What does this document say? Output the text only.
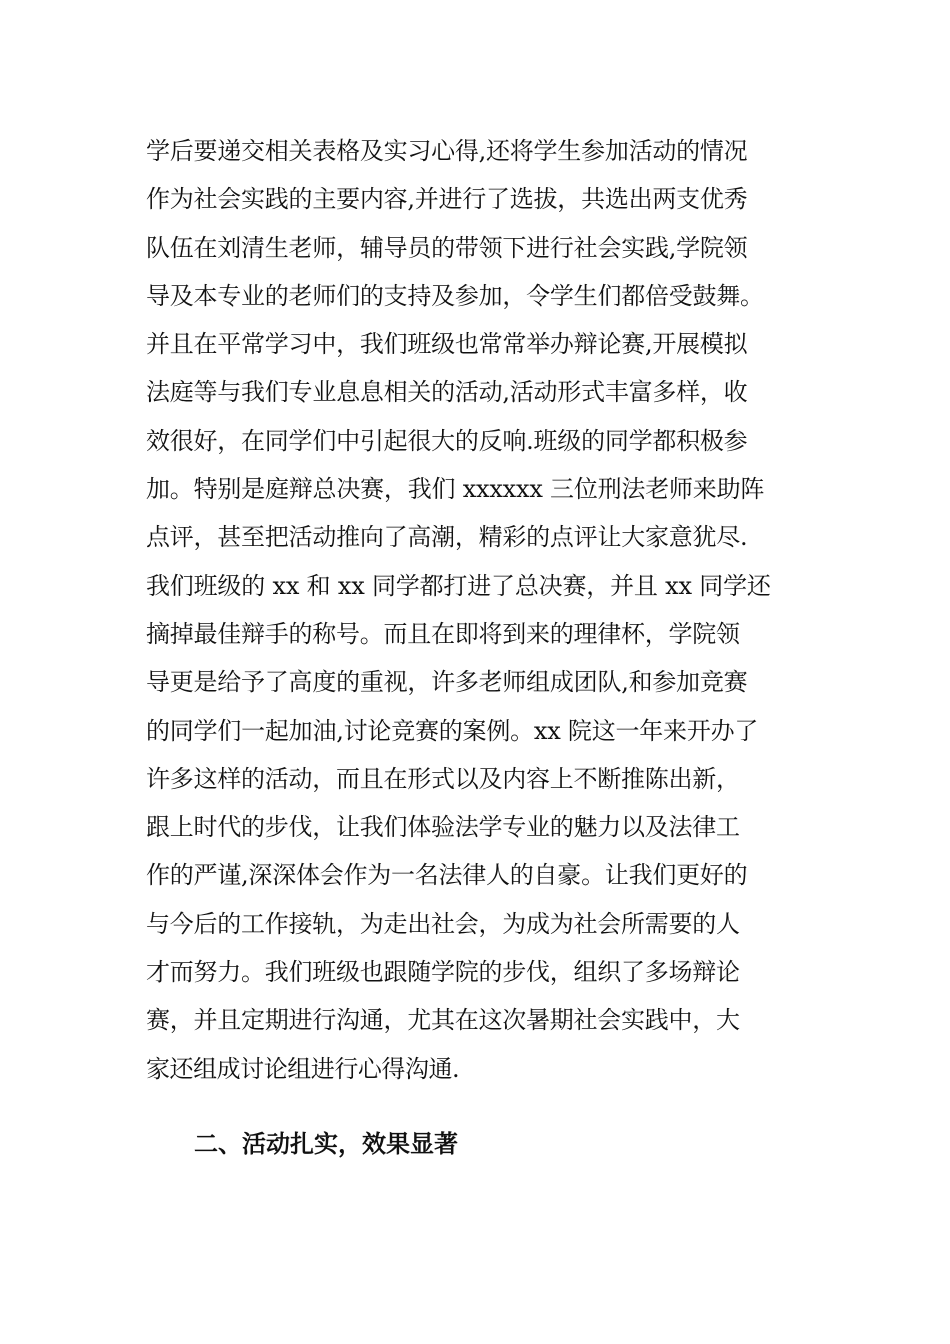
学后要递交相关表格及实习心得,还将学生参加活动的情况
作为社会实践的主要内容,并进行了选拔，共选出两支优秀
队伍在刘清生老师，辅导员的带领下进行社会实践,学院领
导及本专业的老师们的支持及参加，令学生们都倍受鼓舞。
并且在平常学习中，我们班级也常常举办辩论赛,开展模拟
法庭等与我们专业息息相关的活动,活动形式丰富多样，收
效很好，在同学们中引起很大的反响.班级的同学都积极参
加。特别是庭辩总决赛，我们 xxxxxx 三位刑法老师来助阵
点评，甚至把活动推向了高潮，精彩的点评让大家意犹尽.
我们班级的 xx 和 xx 同学都打进了总决赛，并且 xx 同学还
摘掉最佳辩手的称号。而且在即将到来的理律杯，学院领
导更是给予了高度的重视，许多老师组成团队,和参加竞赛
的同学们一起加油,讨论竞赛的案例。xx 院这一年来开办了
许多这样的活动，而且在形式以及内容上不断推陈出新，
跟上时代的步伐，让我们体验法学专业的魅力以及法律工
作的严谨,深深体会作为一名法律人的自豪。让我们更好的
与今后的工作接轨，为走出社会，为成为社会所需要的人
才而努力。我们班级也跟随学院的步伐，组织了多场辩论
赛，并且定期进行沟通，尤其在这次暑期社会实践中，大
家还组成讨论组进行心得沟通.
二、活动扎实，效果显著
